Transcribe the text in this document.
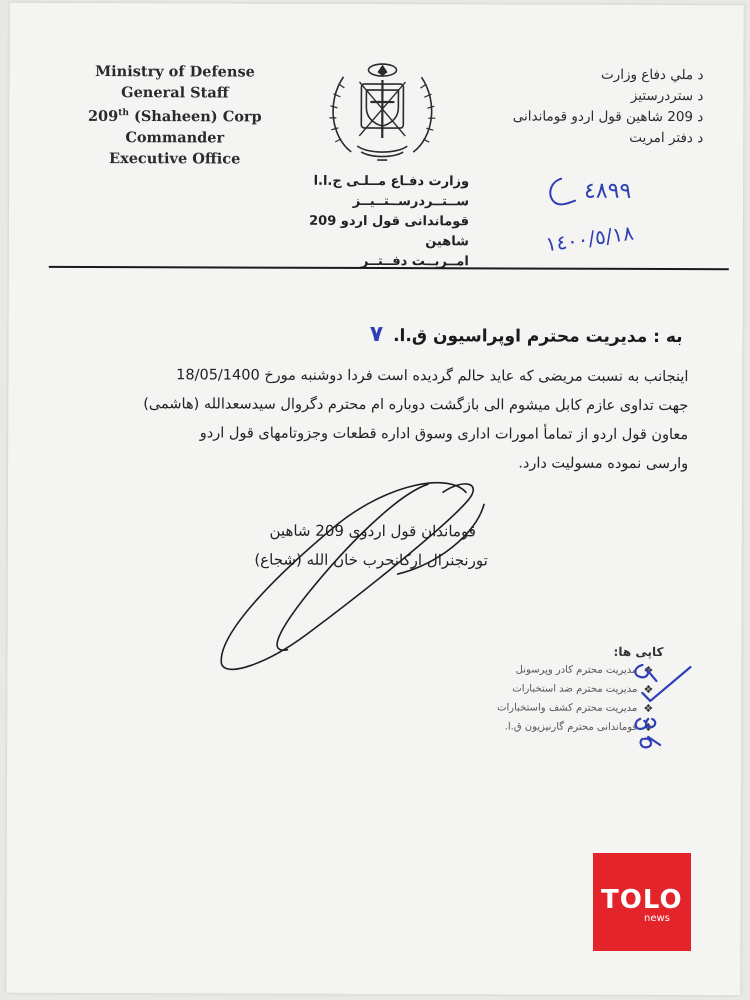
Ministry of Defense
General Staff
209th (Shaheen) Corp Commander
Executive Office
د ملي دفاع وزارت
د ستردرستيز
د 209 شاهين قول اردو قوماندانی
د دفتر امريت
وزارت دفـاع مــلـی ج.ا.ا
ســتــردرســتــيــز
قوماندانی قول اردو 209 شاهين
امــريــت دفــتــر
٤٨٩٩
١٤٠٠/٥/١٨
به : مديريت محترم اوپراسيون ق.ا. ٧
اينجانب به نسبت مريضی که عايد حالم گرديده است فردا دوشنبه مورخ 18/05/1400
جهت تداوی عازم کابل ميشوم الی بازگشت دوباره ام محترم دگروال سيدسعدالله (هاشمی)
معاون قول اردو از تمامأ امورات اداری وسوق اداره قطعات وجزوتامهای قول اردو
وارسی نموده مسوليت دارد.
قوماندان قول اردوی 209 شاهين
تورنجنرال ارکانحرب خان الله (شجاع)
کاپی ها:
❖
مديريت محترم کادر وپرسونل
❖
مديريت محترم ضد استخبارات
❖
مديريت محترم کشف واستخبارات
❖
قوماندانی محترم گارنيزيون ق.ا.
TOLO
news
